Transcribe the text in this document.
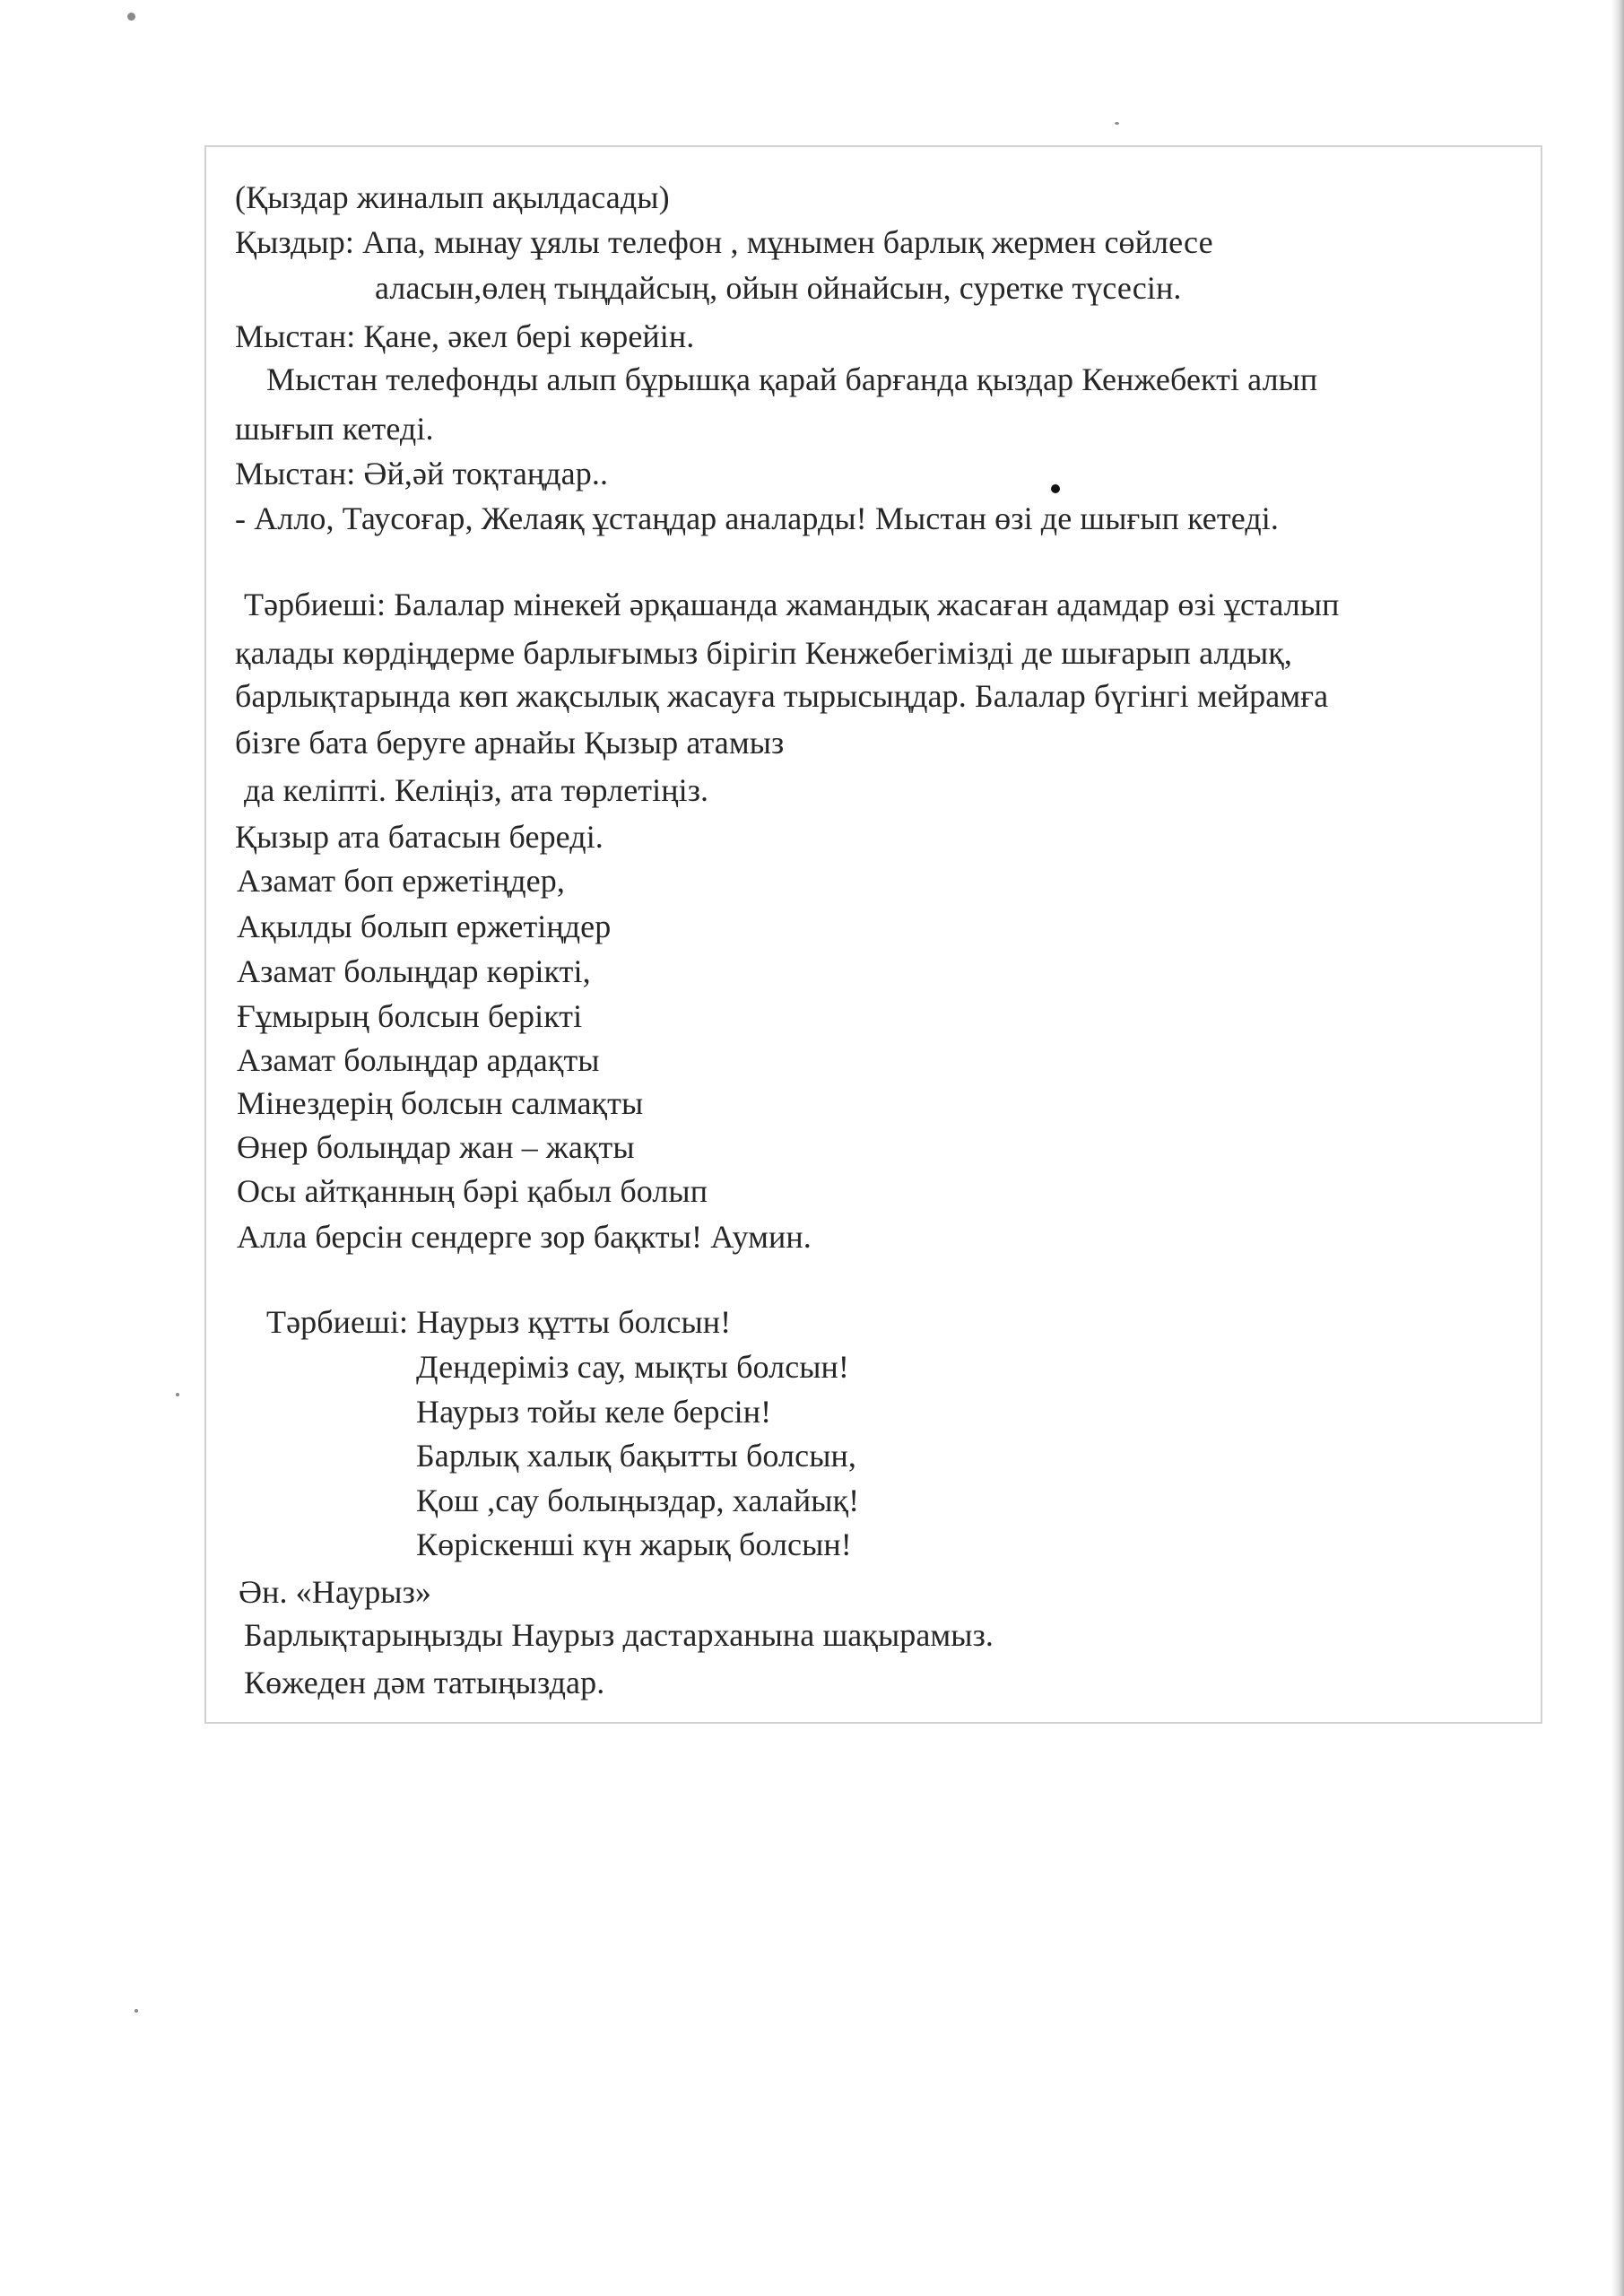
(Қыздар жиналып ақылдасады)
Қыздыр: Апа, мынау ұялы телефон , мұнымен барлық жермен сөйлесе
аласын,өлең тыңдайсың, ойын ойнайсын, суретке түсесін.
Мыстан: Қане, әкел бері көрейін.
Мыстан телефонды алып бұрышқа қарай барғанда қыздар Кенжебекті алып
шығып кетеді.
Мыстан: Әй,әй тоқтаңдар..
- Алло, Таусоғар, Желаяқ ұстаңдар аналарды! Мыстан өзі де шығып кетеді.
Тәрбиеші: Балалар мінекей әрқашанда жамандық жасаған адамдар өзі ұсталып
қалады көрдіңдерме барлығымыз бірігіп Кенжебегімізді де шығарып алдық,
барлықтарында көп жақсылық жасауға тырысыңдар. Балалар бүгінгі мейрамға
бізге бата беруге арнайы Қызыр атамыз
да келіпті. Келіңіз, ата төрлетіңіз.
Қызыр ата батасын береді.
Азамат боп ержетіңдер,
Ақылды болып ержетіңдер
Азамат болыңдар көрікті,
Ғұмырың болсын берікті
Азамат болыңдар ардақты
Мінездерің болсын салмақты
Өнер болыңдар жан – жақты
Осы айтқанның бәрі қабыл болып
Алла берсін сендерге зор бақкты! Аумин.
Тәрбиеші: Наурыз құтты болсын!
Дендеріміз сау, мықты болсын!
Наурыз тойы келе берсін!
Барлық халық бақытты болсын,
Қош ,сау болыңыздар, халайық!
Көріскенші күн жарық болсын!
Ән. «Наурыз»
Барлықтарыңызды Наурыз дастарханына шақырамыз.
Көжеден дәм татыңыздар.
